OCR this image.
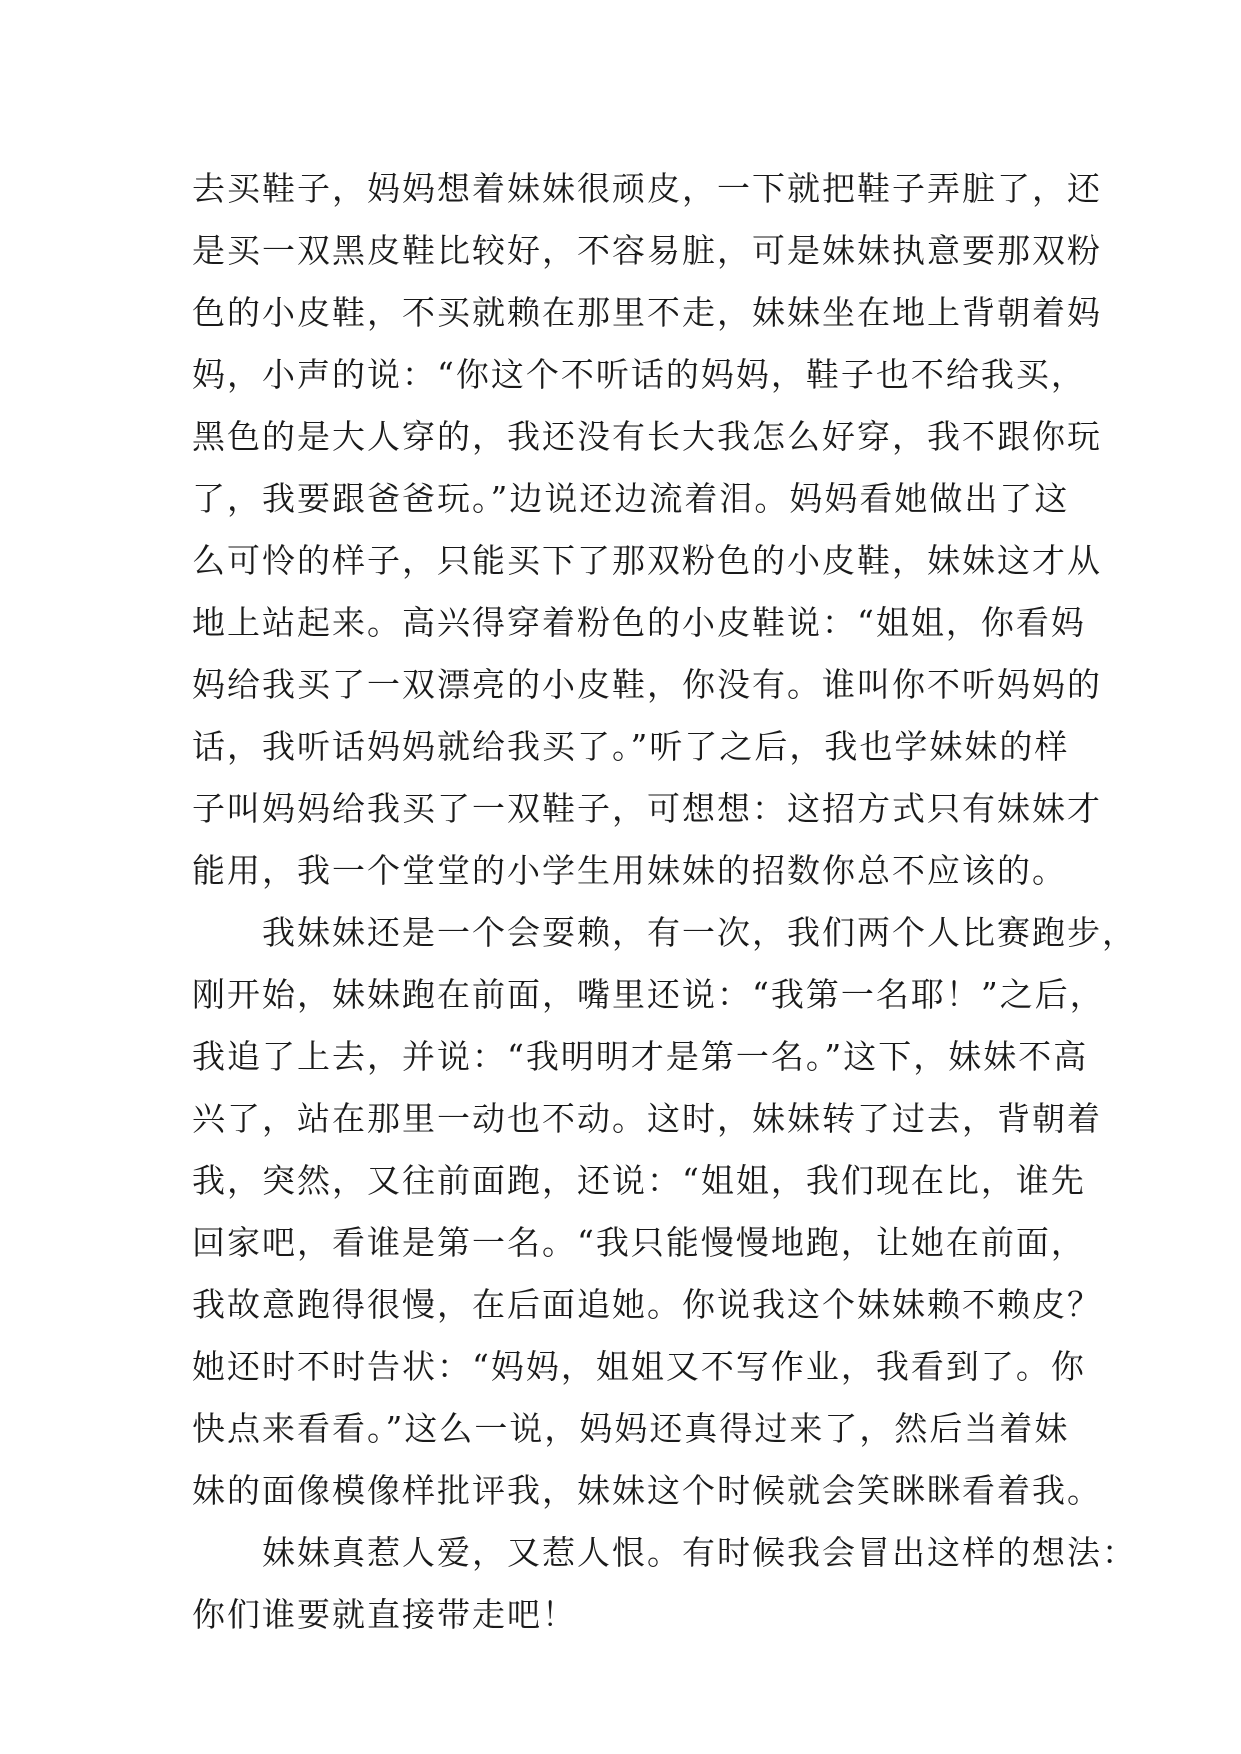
去买鞋子，妈妈想着妹妹很顽皮，一下就把鞋子弄脏了，还
是买一双黑皮鞋比较好，不容易脏，可是妹妹执意要那双粉
色的小皮鞋，不买就赖在那里不走，妹妹坐在地上背朝着妈
妈，小声的说：“你这个不听话的妈妈，鞋子也不给我买，
黑色的是大人穿的，我还没有长大我怎么好穿，我不跟你玩
了，我要跟爸爸玩。”边说还边流着泪。妈妈看她做出了这
么可怜的样子，只能买下了那双粉色的小皮鞋，妹妹这才从
地上站起来。高兴得穿着粉色的小皮鞋说：“姐姐，你看妈
妈给我买了一双漂亮的小皮鞋，你没有。谁叫你不听妈妈的
话，我听话妈妈就给我买了。”听了之后，我也学妹妹的样
子叫妈妈给我买了一双鞋子，可想想：这招方式只有妹妹才
能用，我一个堂堂的小学生用妹妹的招数你总不应该的。
　　我妹妹还是一个会耍赖，有一次，我们两个人比赛跑步，
刚开始，妹妹跑在前面，嘴里还说：“我第一名耶！”之后，
我追了上去，并说：“我明明才是第一名。”这下，妹妹不高
兴了，站在那里一动也不动。这时，妹妹转了过去，背朝着
我，突然，又往前面跑，还说：“姐姐，我们现在比，谁先
回家吧，看谁是第一名。“我只能慢慢地跑，让她在前面，
我故意跑得很慢，在后面追她。你说我这个妹妹赖不赖皮？
她还时不时告状：“妈妈，姐姐又不写作业，我看到了。你
快点来看看。”这么一说，妈妈还真得过来了，然后当着妹
妹的面像模像样批评我，妹妹这个时候就会笑眯眯看着我。
　　妹妹真惹人爱，又惹人恨。有时候我会冒出这样的想法：
你们谁要就直接带走吧！
